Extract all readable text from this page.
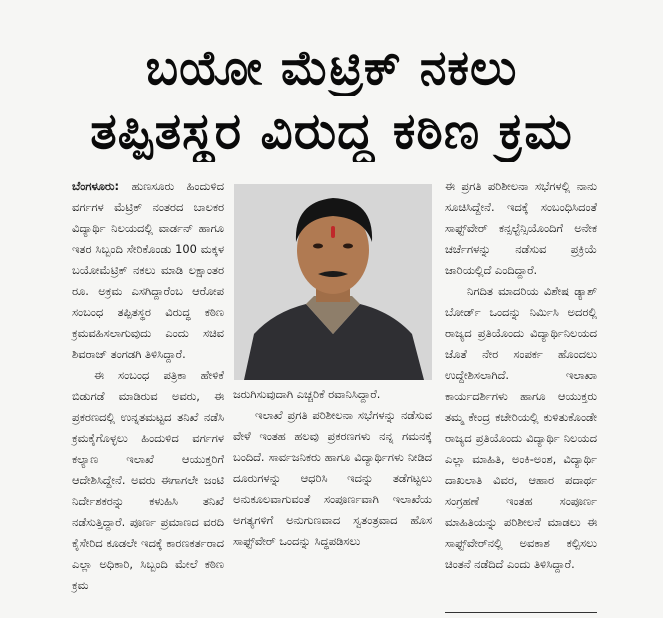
ಬಯೋ ಮೆಟ್ರಿಕ್ ನಕಲು
ತಪ್ಪಿತಸ್ಥರ ವಿರುದ್ಧ ಕಠಿಣ ಕ್ರಮ

ಬೆಂಗಳೂರು: ಹುಣಸೂರು ಹಿಂದುಳಿದ ವರ್ಗಗಳ ಮೆಟ್ರಿಕ್ ನಂತರದ ಬಾಲಕರ ವಿದ್ಯಾರ್ಥಿ ನಿಲಯದಲ್ಲಿ ವಾರ್ಡನ್ ಹಾಗೂ ಇತರ ಸಿಬ್ಬಂದಿ ಸೇರಿಕೊಂಡು 100 ಮಕ್ಕಳ ಬಯೋಮೆಟ್ರಿಕ್ ನಕಲು ಮಾಡಿ ಲಕ್ಷಾಂತರ ರೂ. ಅಕ್ರಮ ಎಸಗಿದ್ದಾರೆಂಬ ಆರೋಪ ಸಂಬಂಧ ತಪ್ಪಿತಸ್ಥರ ವಿರುದ್ಧ ಕಠಿಣ ಕ್ರಮವಹಿಸಲಾಗುವುದು ಎಂದು ಸಚಿವ ಶಿವರಾಜ್ ತಂಗಡಗಿ ತಿಳಿಸಿದ್ದಾರೆ.

ಈ ಸಂಬಂಧ ಪತ್ರಿಕಾ ಹೇಳಿಕೆ ಬಿಡುಗಡೆ ಮಾಡಿರುವ ಅವರು, ಈ ಪ್ರಕರಣದಲ್ಲಿ ಉನ್ನತಮಟ್ಟದ ತನಿಖೆ ನಡೆಸಿ ಕ್ರಮಕೈಗೊಳ್ಳಲು ಹಿಂದುಳಿದ ವರ್ಗಗಳ ಕಲ್ಯಾಣ ಇಲಾಖೆ ಆಯುಕ್ತರಿಗೆ ಆದೇಶಿಸಿದ್ದೇನೆ. ಅವರು ಈಗಾಗಲೇ ಜಂಟಿ ನಿರ್ದೇಶಕರನ್ನು ಕಳುಹಿಸಿ ತನಿಖೆ ನಡೆಸುತ್ತಿದ್ದಾರೆ. ಪೂರ್ಣ ಪ್ರಮಾಣದ ವರದಿ ಕೈಸೇರಿದ ಕೂಡಲೇ ಇದಕ್ಕೆ ಕಾರಣಕರ್ತರಾದ ಎಲ್ಲಾ ಅಧಿಕಾರಿ, ಸಿಬ್ಬಂದಿ ಮೇಲೆ ಕಠಿಣ ಕ್ರಮ

ಜರುಗಿಸುವುದಾಗಿ ಎಚ್ಚರಿಕೆ ರವಾನಿಸಿದ್ದಾರೆ.

ಇಲಾಖೆ ಪ್ರಗತಿ ಪರಿಶೀಲನಾ ಸಭೆಗಳನ್ನು ನಡೆಸುವ ವೇಳೆ ಇಂತಹ ಹಲವು ಪ್ರಕರಣಗಳು ನನ್ನ ಗಮನಕ್ಕೆ ಬಂದಿದೆ. ಸಾರ್ವಜನಿಕರು ಹಾಗೂ ವಿದ್ಯಾರ್ಥಿಗಳು ನೀಡಿದ ದೂರುಗಳನ್ನು ಆಧರಿಸಿ ಇದನ್ನು ತಡೆಗಟ್ಟಲು ಅನುಕೂಲವಾಗುವಂತೆ ಸಂಪೂರ್ಣವಾಗಿ ಇಲಾಖೆಯ ಅಗತ್ಯಗಳಿಗೆ ಅನುಗುಣವಾದ ಸ್ವತಂತ್ರವಾದ ಹೊಸ ಸಾಫ್ಟ್‌ವೇರ್ ಒಂದನ್ನು ಸಿದ್ಧಪಡಿಸಲು

ಈ ಪ್ರಗತಿ ಪರಿಶೀಲನಾ ಸಭೆಗಳಲ್ಲಿ ನಾನು ಸೂಚಿಸಿದ್ದೇನೆ. ಇದಕ್ಕೆ ಸಂಬಂಧಿಸಿದಂತೆ ಸಾಫ್ಟ್‌ವೇರ್ ಕನ್ಸಲ್ಟೆನ್ಸಿಯೊಂದಿಗೆ ಅನೇಕ ಚರ್ಚೆಗಳನ್ನು ನಡೆಸುವ ಪ್ರಕ್ರಿಯೆ ಜಾರಿಯಲ್ಲಿದೆ ಎಂದಿದ್ದಾರೆ.

ನಿಗದಿತ ಮಾದರಿಯ ವಿಶೇಷ ಡ್ಯಾಶ್ ಬೋರ್ಡ್ ಒಂದನ್ನು ನಿರ್ಮಿಸಿ ಅದರಲ್ಲಿ ರಾಜ್ಯದ ಪ್ರತಿಯೊಂದು ವಿದ್ಯಾರ್ಥಿನಿಲಯದ ಜೊತೆ ನೇರ ಸಂಪರ್ಕ ಹೊಂದಲು ಉದ್ದೇಶಿಸಲಾಗಿದೆ. ಇಲಾಖಾ ಕಾರ್ಯದರ್ಶಿಗಳು ಹಾಗೂ ಆಯುಕ್ತರು ತಮ್ಮ ಕೇಂದ್ರ ಕಚೇರಿಯಲ್ಲಿ ಕುಳಿತುಕೊಂಡೇ ರಾಜ್ಯದ ಪ್ರತಿಯೊಂದು ವಿದ್ಯಾರ್ಥಿ ನಿಲಯದ ಎಲ್ಲಾ ಮಾಹಿತಿ, ಅಂಕಿ-ಅಂಶ, ವಿದ್ಯಾರ್ಥಿ ದಾಖಲಾತಿ ವಿವರ, ಆಹಾರ ಪದಾರ್ಥ ಸಂಗ್ರಹಣೆ ಇಂತಹ ಸಂಪೂರ್ಣ ಮಾಹಿತಿಯನ್ನು ಪರಿಶೀಲನೆ ಮಾಡಲು ಈ ಸಾಫ್ಟ್‌ವೇರ್‌ನಲ್ಲಿ ಅವಕಾಶ ಕಲ್ಪಿಸಲು ಚಿಂತನೆ ನಡೆದಿದೆ ಎಂದು ತಿಳಿಸಿದ್ದಾರೆ.
